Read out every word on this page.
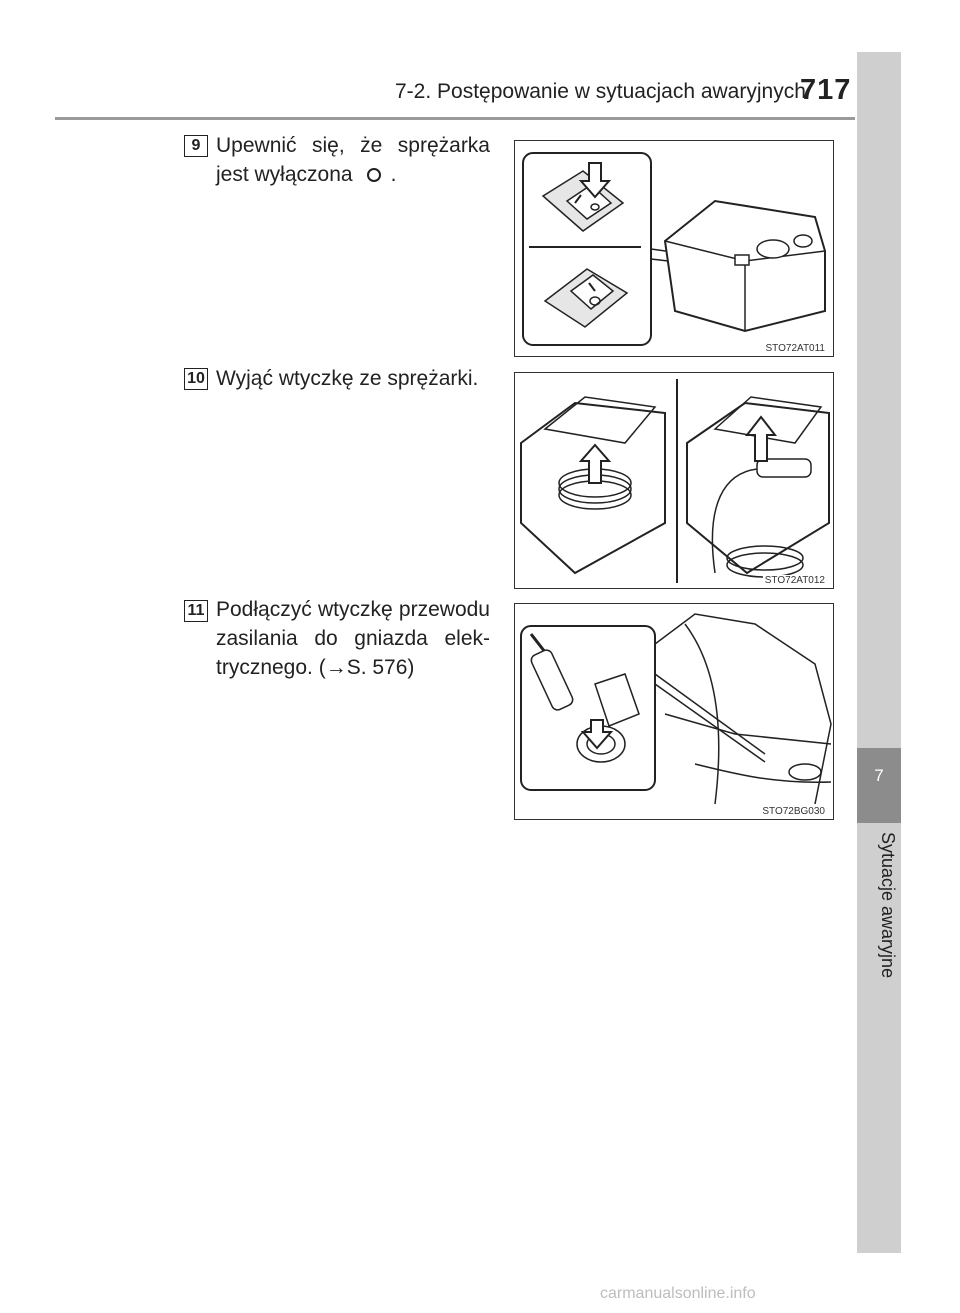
7-2. Postępowanie w sytuacjach awaryjnych
717
7
Sytuacje awaryjne
9 Upewnić się, że sprężarka jest wyłączona .
STO72AT011
10 Wyjąć wtyczkę ze sprężarki.
STO72AT012
11 Podłączyć wtyczkę przewodu zasilania do gniazda elek-trycznego. (→S. 576)
STO72BG030
carmanualsonline.info
